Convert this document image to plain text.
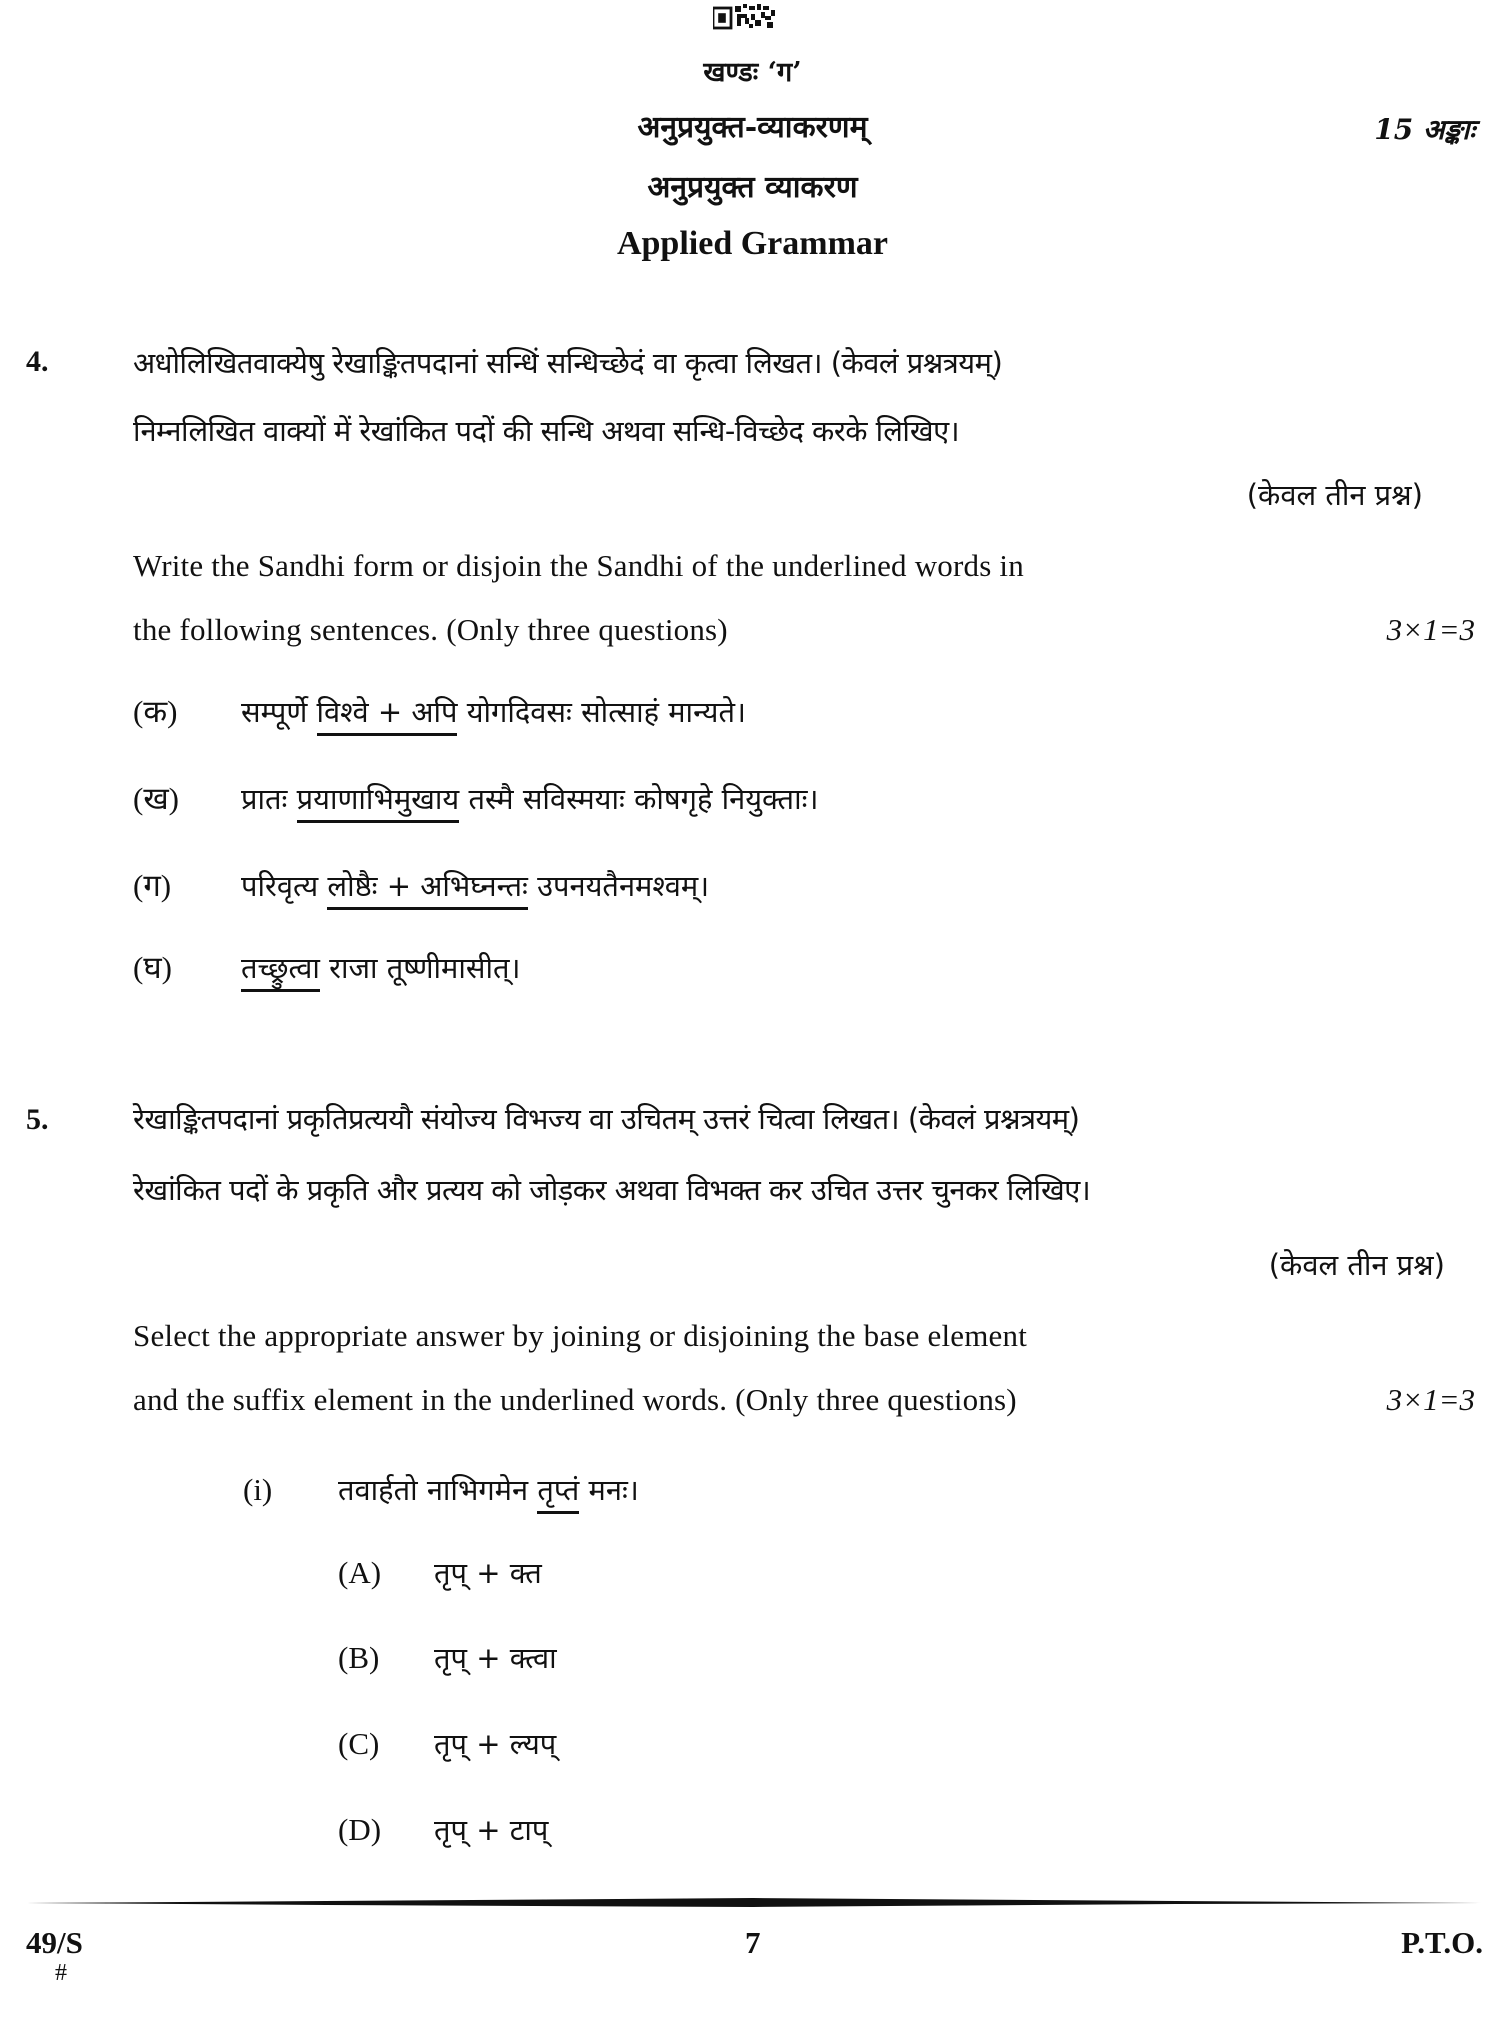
खण्डः ‘ग’
अनुप्रयुक्त-व्याकरणम्	15 अङ्काः
अनुप्रयुक्त व्याकरण
Applied Grammar
4.	अधोलिखितवाक्येषु रेखाङ्कितपदानां सन्धिं सन्धिच्छेदं वा कृत्वा लिखत। (केवलं प्रश्नत्रयम्)
निम्नलिखित वाक्यों में रेखांकित पदों की सन्धि अथवा सन्धि-विच्छेद करके लिखिए।
(केवल तीन प्रश्न)
Write the Sandhi form or disjoin the Sandhi of the underlined words in
the following sentences. (Only three questions)	3×1=3
(क) सम्पूर्णे विश्वे + अपि योगदिवसः सोत्साहं मान्यते।
(ख) प्रातः प्रयाणाभिमुखाय तस्मै सविस्मयाः कोषगृहे नियुक्ताः।
(ग) परिवृत्य लोष्ठैः + अभिघ्नन्तः उपनयतैनमश्वम्।
(घ) तच्छ्रुत्वा राजा तूष्णीमासीत्।
5.	रेखाङ्कितपदानां प्रकृतिप्रत्ययौ संयोज्य विभज्य वा उचितम् उत्तरं चित्वा लिखत। (केवलं प्रश्नत्रयम्)
रेखांकित पदों के प्रकृति और प्रत्यय को जोड़कर अथवा विभक्त कर उचित उत्तर चुनकर लिखिए।
(केवल तीन प्रश्न)
Select the appropriate answer by joining or disjoining the base element
and the suffix element in the underlined words. (Only three questions)	3×1=3
(i) तवार्हतो नाभिगमेन तृप्तं मनः।
(A) तृप् + क्त
(B) तृप् + क्त्वा
(C) तृप् + ल्यप्
(D) तृप् + टाप्
49/S	7	P.T.O.
#
